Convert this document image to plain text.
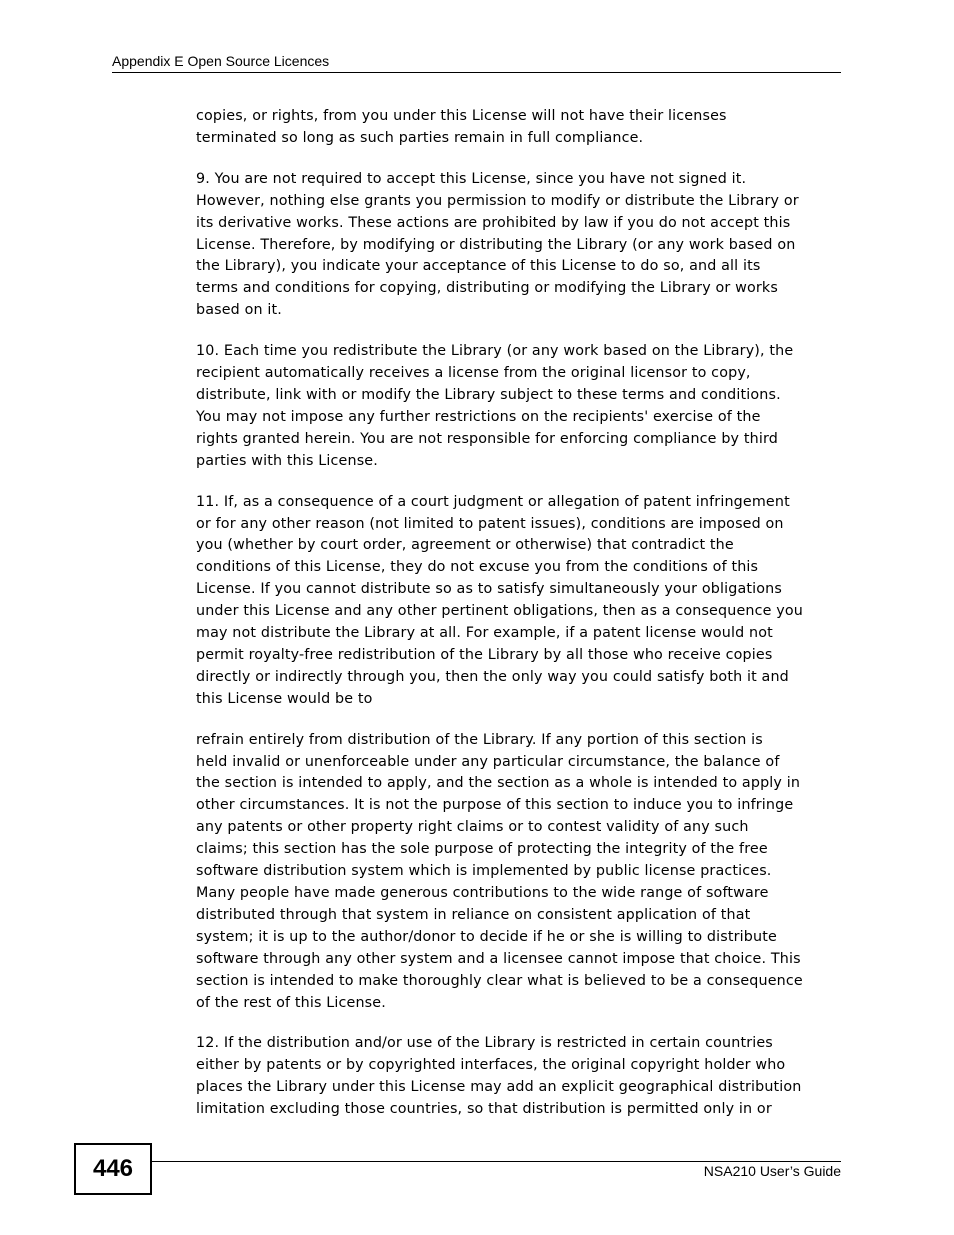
Appendix E Open Source Licences

copies, or rights, from you under this License will not have their licenses
terminated so long as such parties remain in full compliance.

9. You are not required to accept this License, since you have not signed it.
However, nothing else grants you permission to modify or distribute the Library or
its derivative works. These actions are prohibited by law if you do not accept this
License. Therefore, by modifying or distributing the Library (or any work based on
the Library), you indicate your acceptance of this License to do so, and all its
terms and conditions for copying, distributing or modifying the Library or works
based on it.

10. Each time you redistribute the Library (or any work based on the Library), the
recipient automatically receives a license from the original licensor to copy,
distribute, link with or modify the Library subject to these terms and conditions.
You may not impose any further restrictions on the recipients' exercise of the
rights granted herein. You are not responsible for enforcing compliance by third
parties with this License.

11. If, as a consequence of a court judgment or allegation of patent infringement
or for any other reason (not limited to patent issues), conditions are imposed on
you (whether by court order, agreement or otherwise) that contradict the
conditions of this License, they do not excuse you from the conditions of this
License. If you cannot distribute so as to satisfy simultaneously your obligations
under this License and any other pertinent obligations, then as a consequence you
may not distribute the Library at all. For example, if a patent license would not
permit royalty-free redistribution of the Library by all those who receive copies
directly or indirectly through you, then the only way you could satisfy both it and
this License would be to

refrain entirely from distribution of the Library. If any portion of this section is
held invalid or unenforceable under any particular circumstance, the balance of
the section is intended to apply, and the section as a whole is intended to apply in
other circumstances. It is not the purpose of this section to induce you to infringe
any patents or other property right claims or to contest validity of any such
claims; this section has the sole purpose of protecting the integrity of the free
software distribution system which is implemented by public license practices.
Many people have made generous contributions to the wide range of software
distributed through that system in reliance on consistent application of that
system; it is up to the author/donor to decide if he or she is willing to distribute
software through any other system and a licensee cannot impose that choice. This
section is intended to make thoroughly clear what is believed to be a consequence
of the rest of this License.

12. If the distribution and/or use of the Library is restricted in certain countries
either by patents or by copyrighted interfaces, the original copyright holder who
places the Library under this License may add an explicit geographical distribution
limitation excluding those countries, so that distribution is permitted only in or

446	NSA210 User’s Guide
